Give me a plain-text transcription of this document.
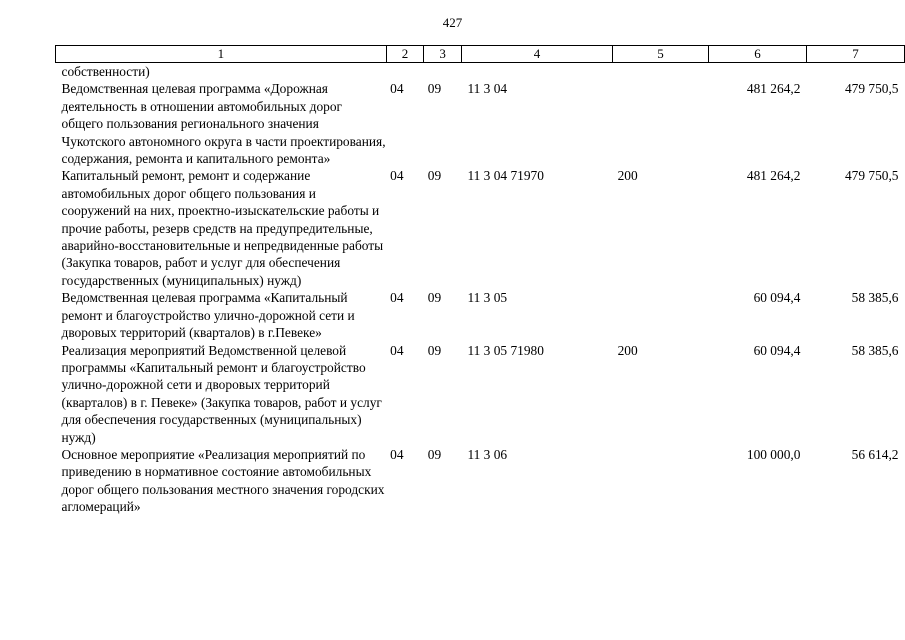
427
1	2	3	4	5	6	7
собственности)						
Ведомственная целевая программа «Дорожная деятельность в отношении автомобильных дорог общего пользования регионального значения Чукотского автономного округа в части проектирования, содержания, ремонта и капитального ремонта»	04	09	11 3 04		481 264,2	479 750,5
Капитальный ремонт, ремонт и содержание автомобильных дорог общего пользования и сооружений на них, проектно-изыскательские работы и прочие работы, резерв средств на предупредительные, аварийно-восстановительные и непредвиденные работы (Закупка товаров, работ и услуг для обеспечения государственных (муниципальных) нужд)	04	09	11 3 04 71970	200	481 264,2	479 750,5
Ведомственная целевая программа «Капитальный ремонт и благоустройство улично-дорожной сети и дворовых территорий (кварталов) в г.Певеке»	04	09	11 3 05		60 094,4	58 385,6
Реализация мероприятий Ведомственной целевой программы «Капитальный ремонт и благоустройство улично-дорожной сети и дворовых территорий (кварталов) в г. Певеке» (Закупка товаров, работ и услуг для обеспечения государственных (муниципальных) нужд)	04	09	11 3 05 71980	200	60 094,4	58 385,6
Основное мероприятие «Реализация мероприятий по приведению в нормативное состояние автомобильных дорог общего пользования местного значения городских агломераций»	04	09	11 3 06		100 000,0	56 614,2
